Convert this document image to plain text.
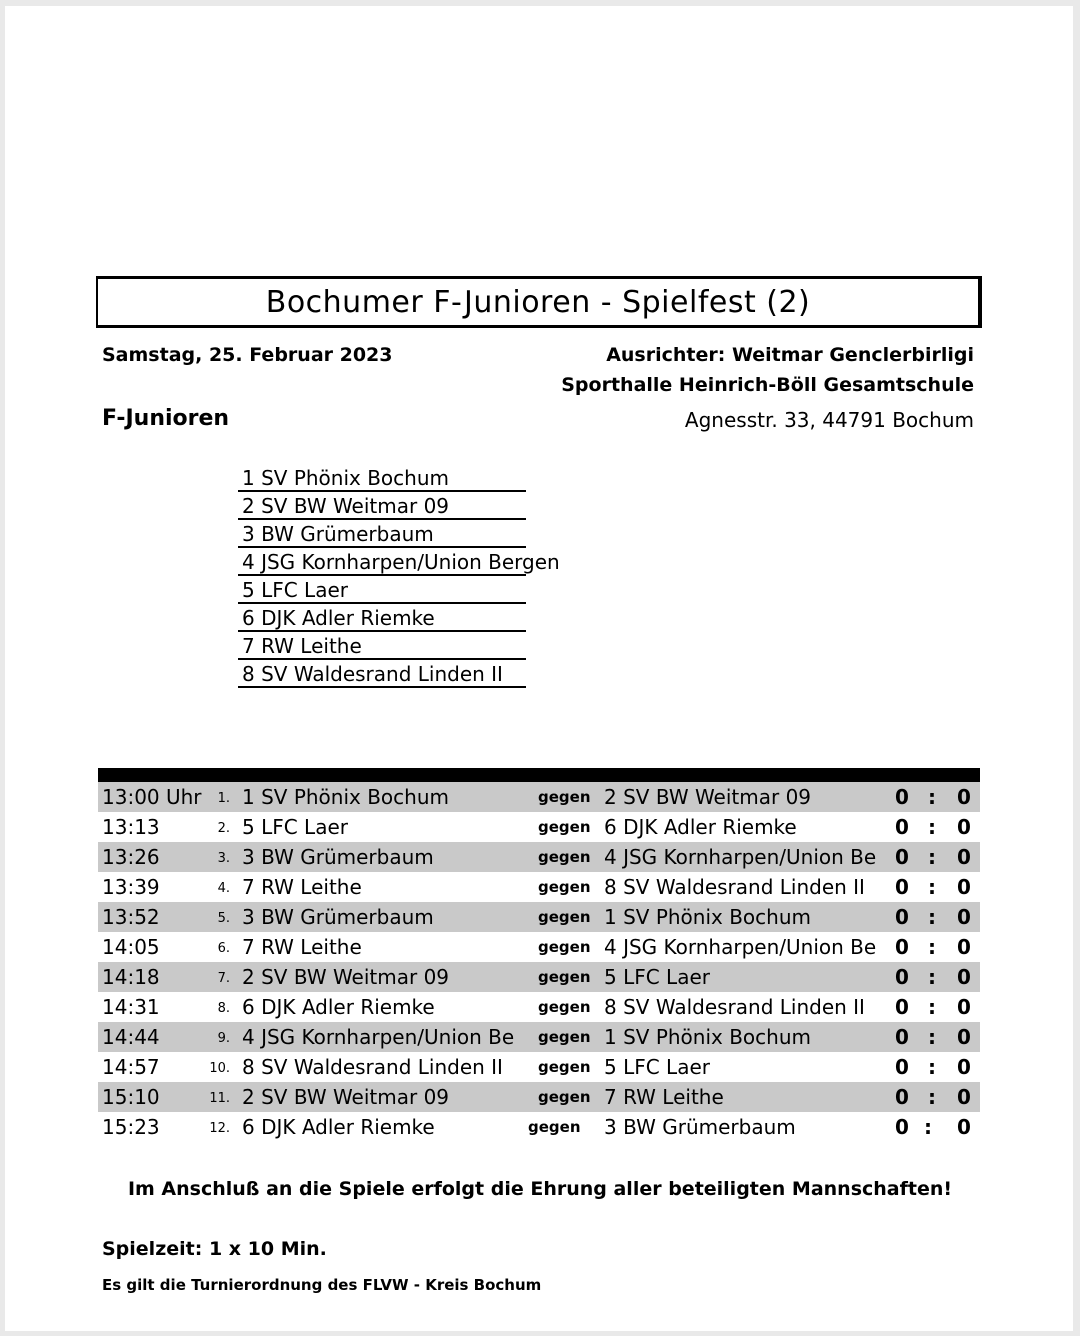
Bochumer F-Junioren - Spielfest (2)
Samstag, 25. Februar 2023	Ausrichter: Weitmar Genclerbirligi
Sporthalle Heinrich-Böll Gesamtschule
F-Junioren	Agnesstr. 33, 44791 Bochum
1 SV Phönix Bochum
2 SV BW Weitmar 09
3 BW Grümerbaum
4 JSG Kornharpen/Union Bergen
5 LFC Laer
6 DJK Adler Riemke
7 RW Leithe
8 SV Waldesrand Linden II
13:00 Uhr	1. 1 SV Phönix Bochum	gegen 2 SV BW Weitmar 09	0 : 0
13:13	2. 5 LFC Laer	gegen 6 DJK Adler Riemke	0 : 0
13:26	3. 3 BW Grümerbaum	gegen 4 JSG Kornharpen/Union Be 0 : 0
13:39	4. 7 RW Leithe	gegen 8 SV Waldesrand Linden II	0 : 0
13:52	5. 3 BW Grümerbaum	gegen 1 SV Phönix Bochum	0 : 0
14:05	6. 7 RW Leithe	gegen 4 JSG Kornharpen/Union Be 0 : 0
14:18	7. 2 SV BW Weitmar 09	gegen 5 LFC Laer	0 : 0
14:31	8. 6 DJK Adler Riemke	gegen 8 SV Waldesrand Linden II	0 : 0
14:44	9. 4 JSG Kornharpen/Union Be	gegen 1 SV Phönix Bochum	0 : 0
14:57	10. 8 SV Waldesrand Linden II	gegen 5 LFC Laer	0 : 0
15:10	11. 2 SV BW Weitmar 09	gegen 7 RW Leithe	0 : 0
15:23	12. 6 DJK Adler Riemke	gegen 3 BW Grümerbaum	0 : 0
Im Anschluß an die Spiele erfolgt die Ehrung aller beteiligten Mannschaften!
Spielzeit: 1 x 10 Min.
Es gilt die Turnierordnung des FLVW - Kreis Bochum
